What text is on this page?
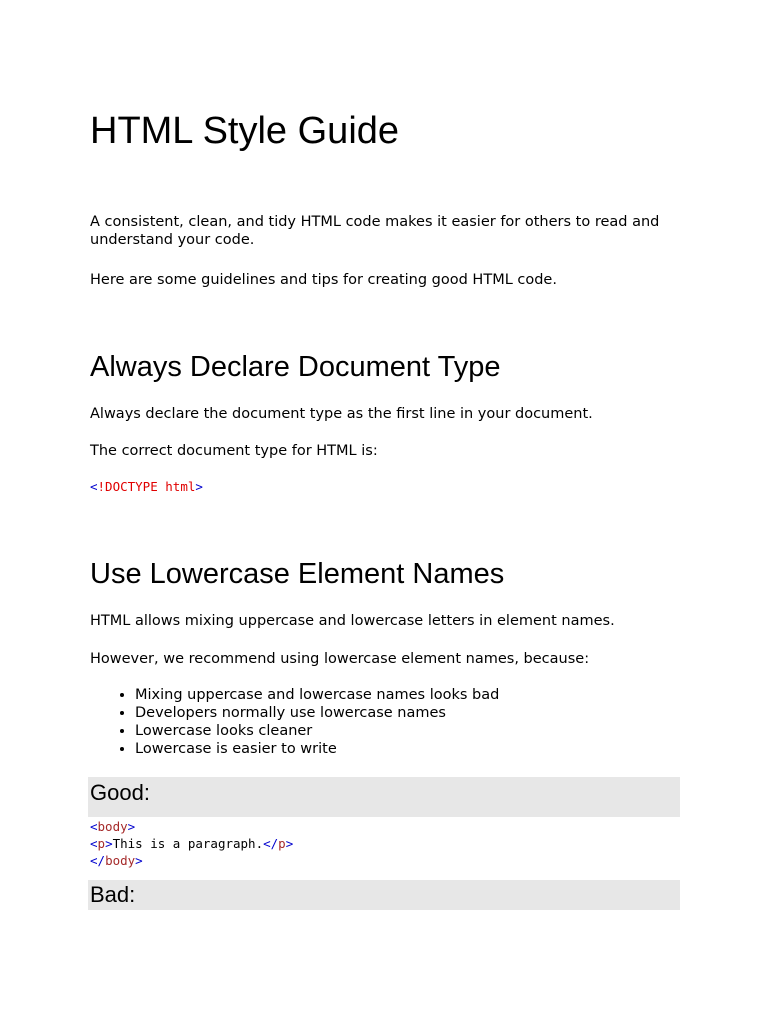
HTML Style Guide

A consistent, clean, and tidy HTML code makes it easier for others to read and understand your code.

Here are some guidelines and tips for creating good HTML code.

Always Declare Document Type

Always declare the document type as the first line in your document.

The correct document type for HTML is:

<!DOCTYPE html>
Use Lowercase Element Names

HTML allows mixing uppercase and lowercase letters in element names.

However, we recommend using lowercase element names, because:

• Mixing uppercase and lowercase names looks bad
• Developers normally use lowercase names
• Lowercase looks cleaner
• Lowercase is easier to write
Good:
<body>
<p>This is a paragraph.</p>
</body>
Bad:
